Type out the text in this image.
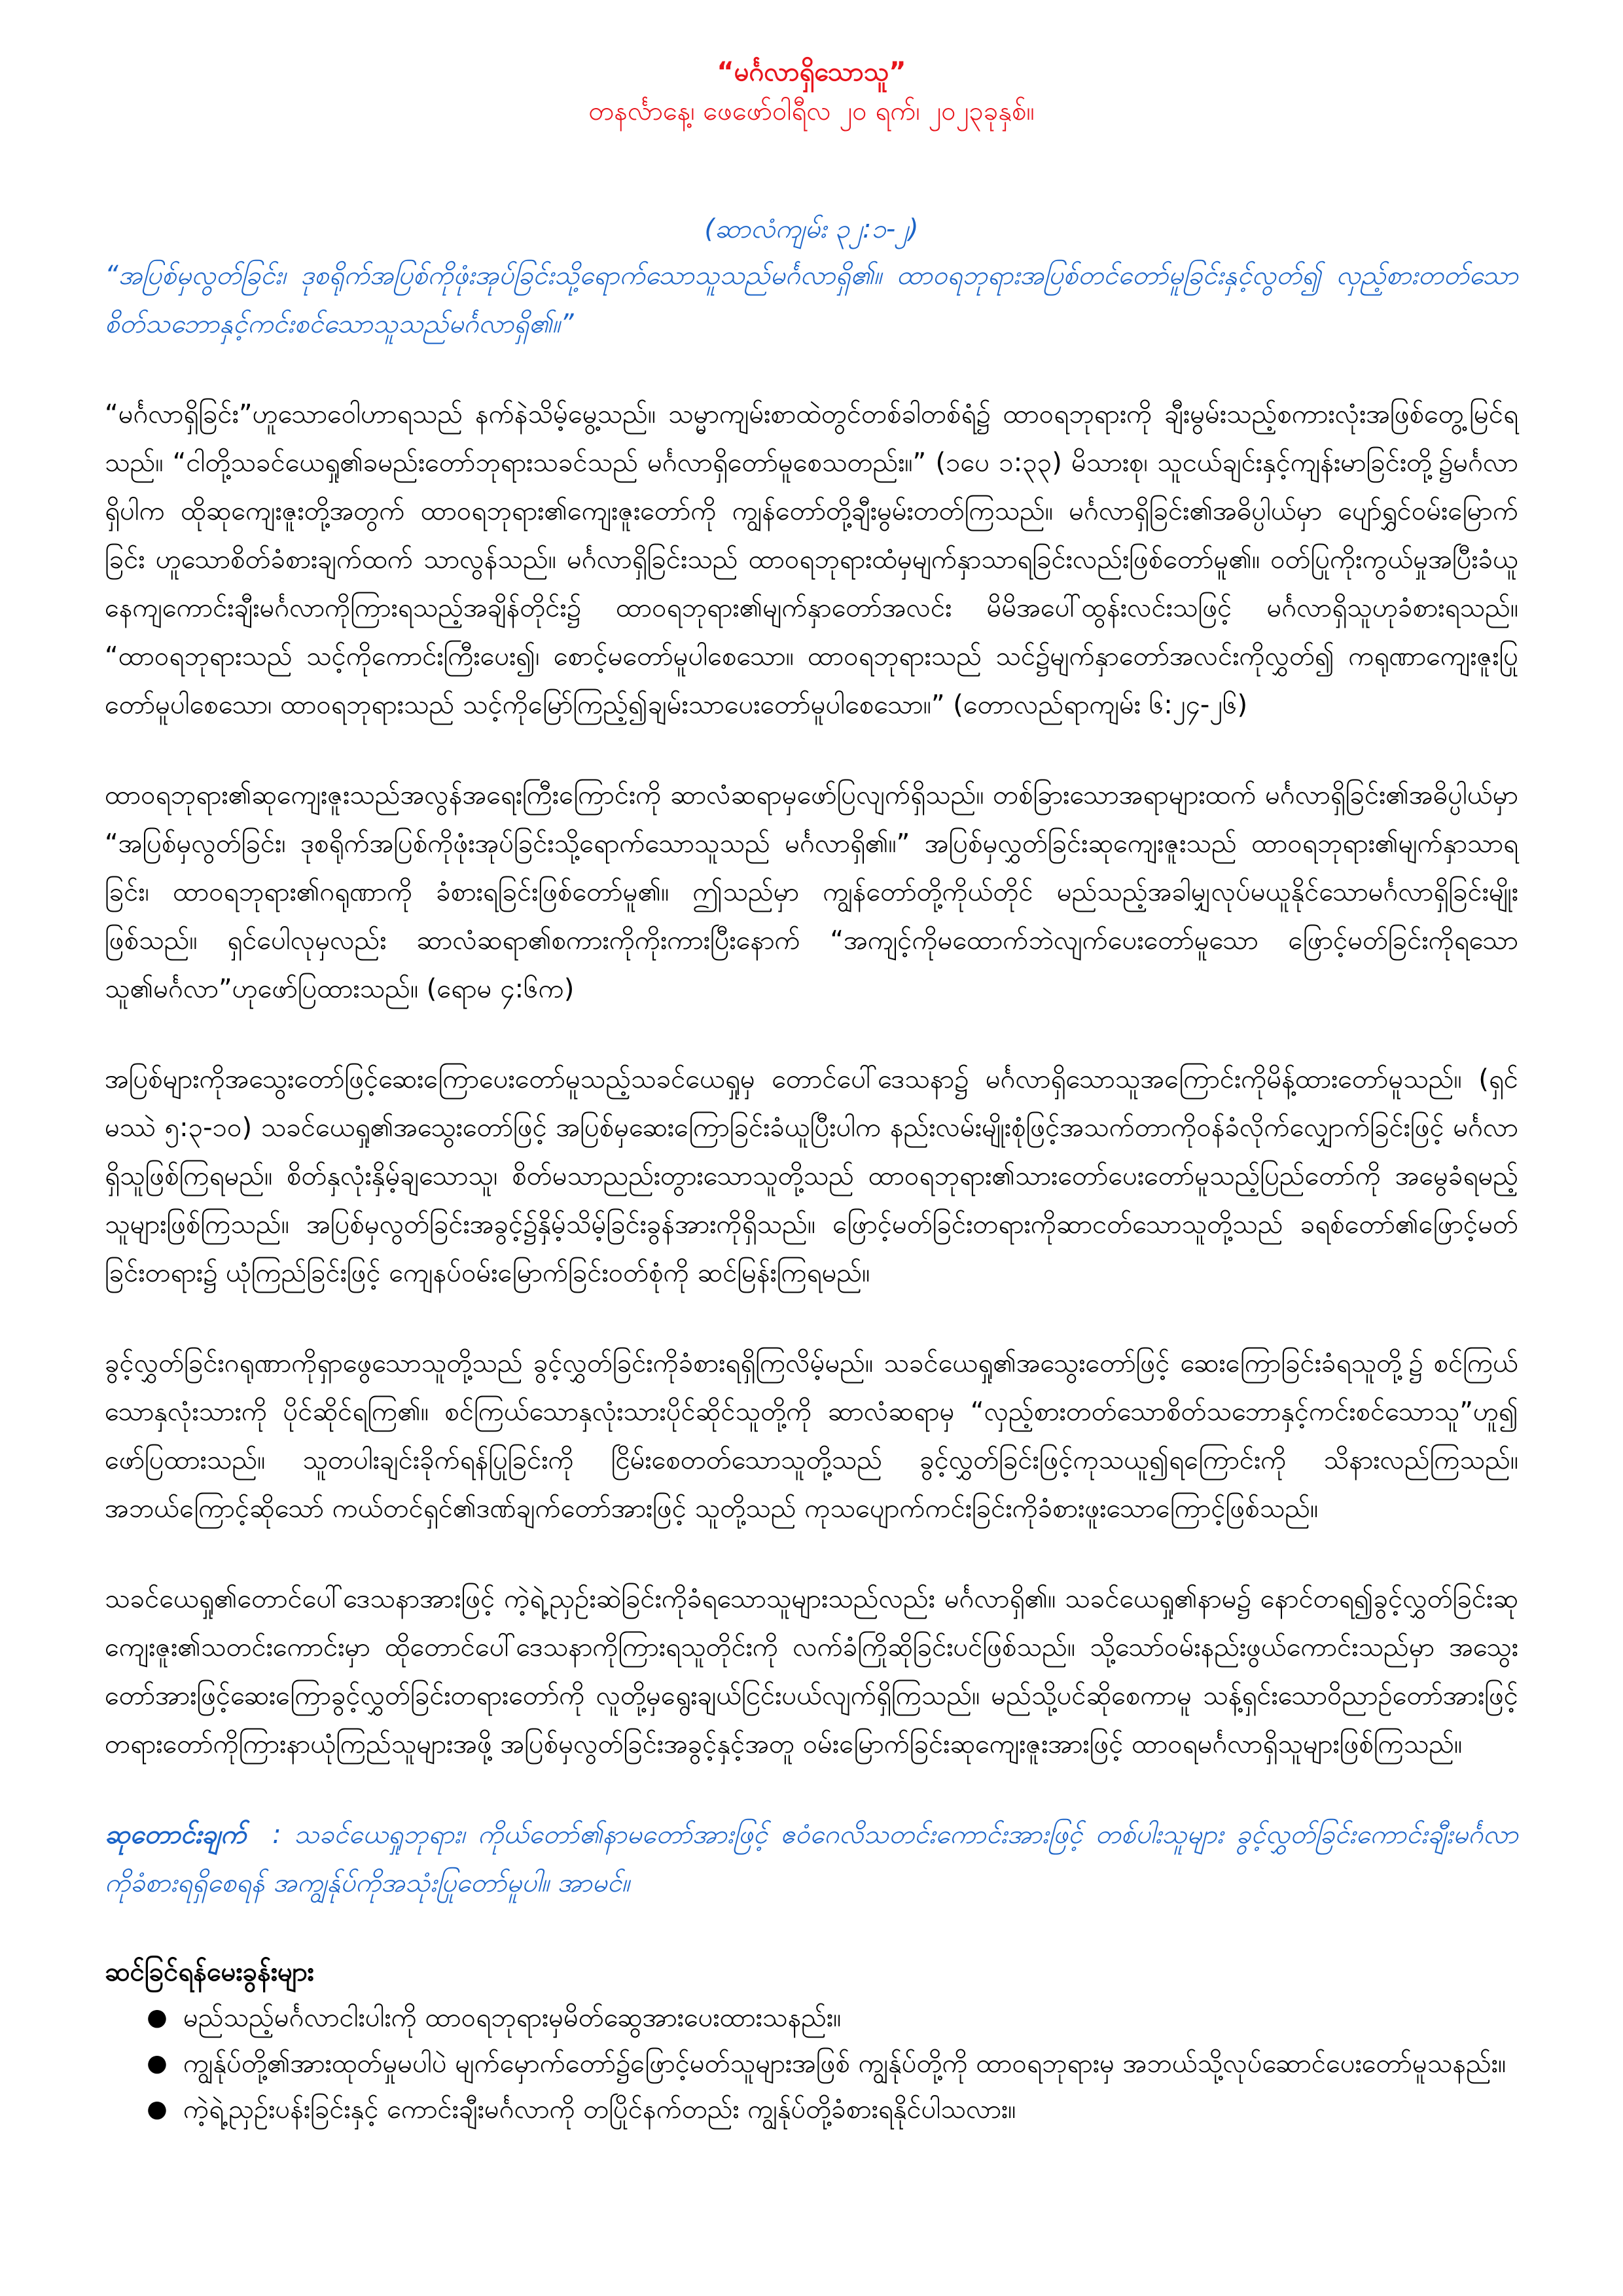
“မင်္ဂလာရှိသောသူ”

တနင်္လာနေ့၊ ဖေဖော်ဝါရီလ ၂၀ ရက်၊ ၂၀၂၃ခုနှစ်။

(ဆာလံကျမ်း ၃၂:၁-၂)

“အပြစ်မှလွတ်ခြင်း၊ ဒုစရိုက်အပြစ်ကိုဖုံးအုပ်ခြင်းသို့ရောက်သောသူသည်မင်္ဂလာရှိ၏။ ထာဝရဘုရားအပြစ်တင်တော်မူခြင်းနှင့်လွတ်၍ လှည့်စားတတ်သောစိတ်သဘောနှင့်ကင်းစင်သောသူသည်မင်္ဂလာရှိ၏။”

“မင်္ဂလာရှိခြင်း”ဟူသောဝေါဟာရသည် နက်နဲသိမ့်မွေ့သည်။ သမ္မာကျမ်းစာထဲတွင်တစ်ခါတစ်ရံ၌ ထာဝရဘုရားကို ချီးမွမ်းသည့်စကားလုံးအဖြစ်တွေ့မြင်ရသည်။ “ငါတို့သခင်ယေရှု၏ခမည်းတော်ဘုရားသခင်သည် မင်္ဂလာရှိတော်မူစေသတည်း။” (၁ပေ ၁:၃၃) မိသားစု၊ သူငယ်ချင်းနှင့်ကျန်းမာခြင်းတို့၌မင်္ဂလာရှိပါက ထိုဆုကျေးဇူးတို့အတွက် ထာဝရဘုရား၏ကျေးဇူးတော်ကို ကျွန်တော်တို့ချီးမွမ်းတတ်ကြသည်။ မင်္ဂလာရှိခြင်း၏အဓိပ္ပါယ်မှာ ပျော်ရွှင်ဝမ်းမြောက်ခြင်း ဟူသောစိတ်ခံစားချက်ထက် သာလွန်သည်။ မင်္ဂလာရှိခြင်းသည် ထာဝရဘုရားထံမှမျက်နှာသာရခြင်းလည်းဖြစ်တော်မူ၏။ ဝတ်ပြုကိုးကွယ်မှုအပြီးခံယူနေကျကောင်းချီးမင်္ဂလာကိုကြားရသည့်အချိန်တိုင်း၌ ထာဝရဘုရား၏မျက်နှာတော်အလင်း မိမိအပေါ်ထွန်းလင်းသဖြင့် မင်္ဂလာရှိသူဟုခံစားရသည်။ “ထာဝရဘုရားသည် သင့်ကိုကောင်းကြီးပေး၍၊ စောင့်မတော်မူပါစေသော။ ထာဝရဘုရားသည် သင်၌မျက်နှာတော်အလင်းကိုလွှတ်၍ ကရုဏာကျေးဇူးပြုတော်မူပါစေသော၊ ထာဝရဘုရားသည် သင့်ကိုမြော်ကြည့်၍ချမ်းသာပေးတော်မူပါစေသော။” (တောလည်ရာကျမ်း ၆:၂၄-၂၆)

ထာဝရဘုရား၏ဆုကျေးဇူးသည်အလွန်အရေးကြီးကြောင်းကို ဆာလံဆရာမှဖော်ပြလျက်ရှိသည်။ တစ်ခြားသောအရာများထက် မင်္ဂလာရှိခြင်း၏အဓိပ္ပါယ်မှာ “အပြစ်မှလွတ်ခြင်း၊ ဒုစရိုက်အပြစ်ကိုဖုံးအုပ်ခြင်းသို့ရောက်သောသူသည် မင်္ဂလာရှိ၏။” အပြစ်မှလွှတ်ခြင်းဆုကျေးဇူးသည် ထာဝရဘုရား၏မျက်နှာသာရခြင်း၊ ထာဝရဘုရား၏ဂရုဏာကို ခံစားရခြင်းဖြစ်တော်မူ၏။ ဤသည်မှာ ကျွန်တော်တို့ကိုယ်တိုင် မည်သည့်အခါမျှလုပ်မယူနိုင်သောမင်္ဂလာရှိခြင်းမျိုးဖြစ်သည်။ ရှင်ပေါလုမှလည်း ဆာလံဆရာ၏စကားကိုကိုးကားပြီးနောက် “အကျင့်ကိုမထောက်ဘဲလျက်ပေးတော်မူသော ဖြောင့်မတ်ခြင်းကိုရသောသူ၏မင်္ဂလာ”ဟုဖော်ပြထားသည်။ (ရောမ ၄:၆က)

အပြစ်များကိုအသွေးတော်ဖြင့်ဆေးကြောပေးတော်မူသည့်သခင်ယေရှုမှ တောင်ပေါ်ဒေသနာ၌ မင်္ဂလာရှိသောသူအကြောင်းကိုမိန့်ထားတော်မူသည်။ (ရှင်မဿဲ ၅:၃-၁၀) သခင်ယေရှု၏အသွေးတော်ဖြင့် အပြစ်မှဆေးကြောခြင်းခံယူပြီးပါက နည်းလမ်းမျိုးစုံဖြင့်အသက်တာကိုဝန်ခံလိုက်လျှောက်ခြင်းဖြင့် မင်္ဂလာရှိသူဖြစ်ကြရမည်။ စိတ်နှလုံးနှိမ့်ချသောသူ၊ စိတ်မသာညည်းတွားသောသူတို့သည် ထာဝရဘုရား၏သားတော်ပေးတော်မူသည့်ပြည်တော်ကို အမွေခံရမည့်သူများဖြစ်ကြသည်။ အပြစ်မှလွတ်ခြင်းအခွင့်၌နှိမ့်သိမ့်ခြင်းခွန်အားကိုရှိသည်။ ဖြောင့်မတ်ခြင်းတရားကိုဆာငတ်သောသူတို့သည် ခရစ်တော်၏ဖြောင့်မတ်ခြင်းတရား၌ ယုံကြည်ခြင်းဖြင့် ကျေနပ်ဝမ်းမြောက်ခြင်းဝတ်စုံကို ဆင်မြန်းကြရမည်။

ခွင့်လွှတ်ခြင်းဂရုဏာကိုရှာဖွေသောသူတို့သည် ခွင့်လွှတ်ခြင်းကိုခံစားရရှိကြလိမ့်မည်။ သခင်ယေရှု၏အသွေးတော်ဖြင့် ဆေးကြောခြင်းခံရသူတို့၌ စင်ကြယ်သောနှလုံးသားကို ပိုင်ဆိုင်ရကြ၏။ စင်ကြယ်သောနှလုံးသားပိုင်ဆိုင်သူတို့ကို ဆာလံဆရာမှ “လှည့်စားတတ်သောစိတ်သဘောနှင့်ကင်းစင်သောသူ”ဟူ၍ ဖော်ပြထားသည်။ သူတပါးချင်းခိုက်ရန်ပြုခြင်းကို ငြိမ်းစေတတ်သောသူတို့သည် ခွင့်လွှတ်ခြင်းဖြင့်ကုသယူ၍ရကြောင်းကို သိနားလည်ကြသည်။ အဘယ်ကြောင့်ဆိုသော် ကယ်တင်ရှင်၏ဒဏ်ချက်တော်အားဖြင့် သူတို့သည် ကုသပျောက်ကင်းခြင်းကိုခံစားဖူးသောကြောင့်ဖြစ်သည်။

သခင်ယေရှု၏တောင်ပေါ်ဒေသနာအားဖြင့် ကဲ့ရဲ့ညှဉ်းဆဲခြင်းကိုခံရသောသူများသည်လည်း မင်္ဂလာရှိ၏။ သခင်ယေရှု၏နာမ၌ နောင်တရ၍ခွင့်လွှတ်ခြင်းဆုကျေးဇူး၏သတင်းကောင်းမှာ ထိုတောင်ပေါ်ဒေသနာကိုကြားရသူတိုင်းကို လက်ခံကြိုဆိုခြင်းပင်ဖြစ်သည်။ သို့သော်ဝမ်းနည်းဖွယ်ကောင်းသည်မှာ အသွေးတော်အားဖြင့်ဆေးကြောခွင့်လွှတ်ခြင်းတရားတော်ကို လူတို့မှရွေးချယ်ငြင်းပယ်လျက်ရှိကြသည်။ မည်သို့ပင်ဆိုစေကာမူ သန့်ရှင်းသောဝိညာဉ်တော်အားဖြင့် တရားတော်ကိုကြားနာယုံကြည်သူများအဖို့ အပြစ်မှလွတ်ခြင်းအခွင့်နှင့်အတူ ဝမ်းမြောက်ခြင်းဆုကျေးဇူးအားဖြင့် ထာဝရမင်္ဂလာရှိသူများဖြစ်ကြသည်။

ဆုတောင်းချက် : သခင်ယေရှုဘုရား၊ ကိုယ်တော်၏နာမတော်အားဖြင့် ဧဝံဂေလိသတင်းကောင်းအားဖြင့် တစ်ပါးသူများ ခွင့်လွှတ်ခြင်းကောင်းချီးမင်္ဂလာကိုခံစားရရှိစေရန် အကျွန်ုပ်ကိုအသုံးပြုတော်မူပါ။ အာမင်။

ဆင်ခြင်ရန်မေးခွန်းများ

● မည်သည့်မင်္ဂလာငါးပါးကို ထာဝရဘုရားမှမိတ်ဆွေအားပေးထားသနည်း။
● ကျွန်ုပ်တို့၏အားထုတ်မှုမပါပဲ မျက်မှောက်တော်၌ဖြောင့်မတ်သူများအဖြစ် ကျွန်ုပ်တို့ကို ထာဝရဘုရားမှ အဘယ်သို့လုပ်ဆောင်ပေးတော်မူသနည်း။
● ကဲ့ရဲ့ညှဉ်းပန်းခြင်းနှင့် ကောင်းချီးမင်္ဂလာကို တပြိုင်နက်တည်း ကျွန်ုပ်တို့ခံစားရနိုင်ပါသလား။
